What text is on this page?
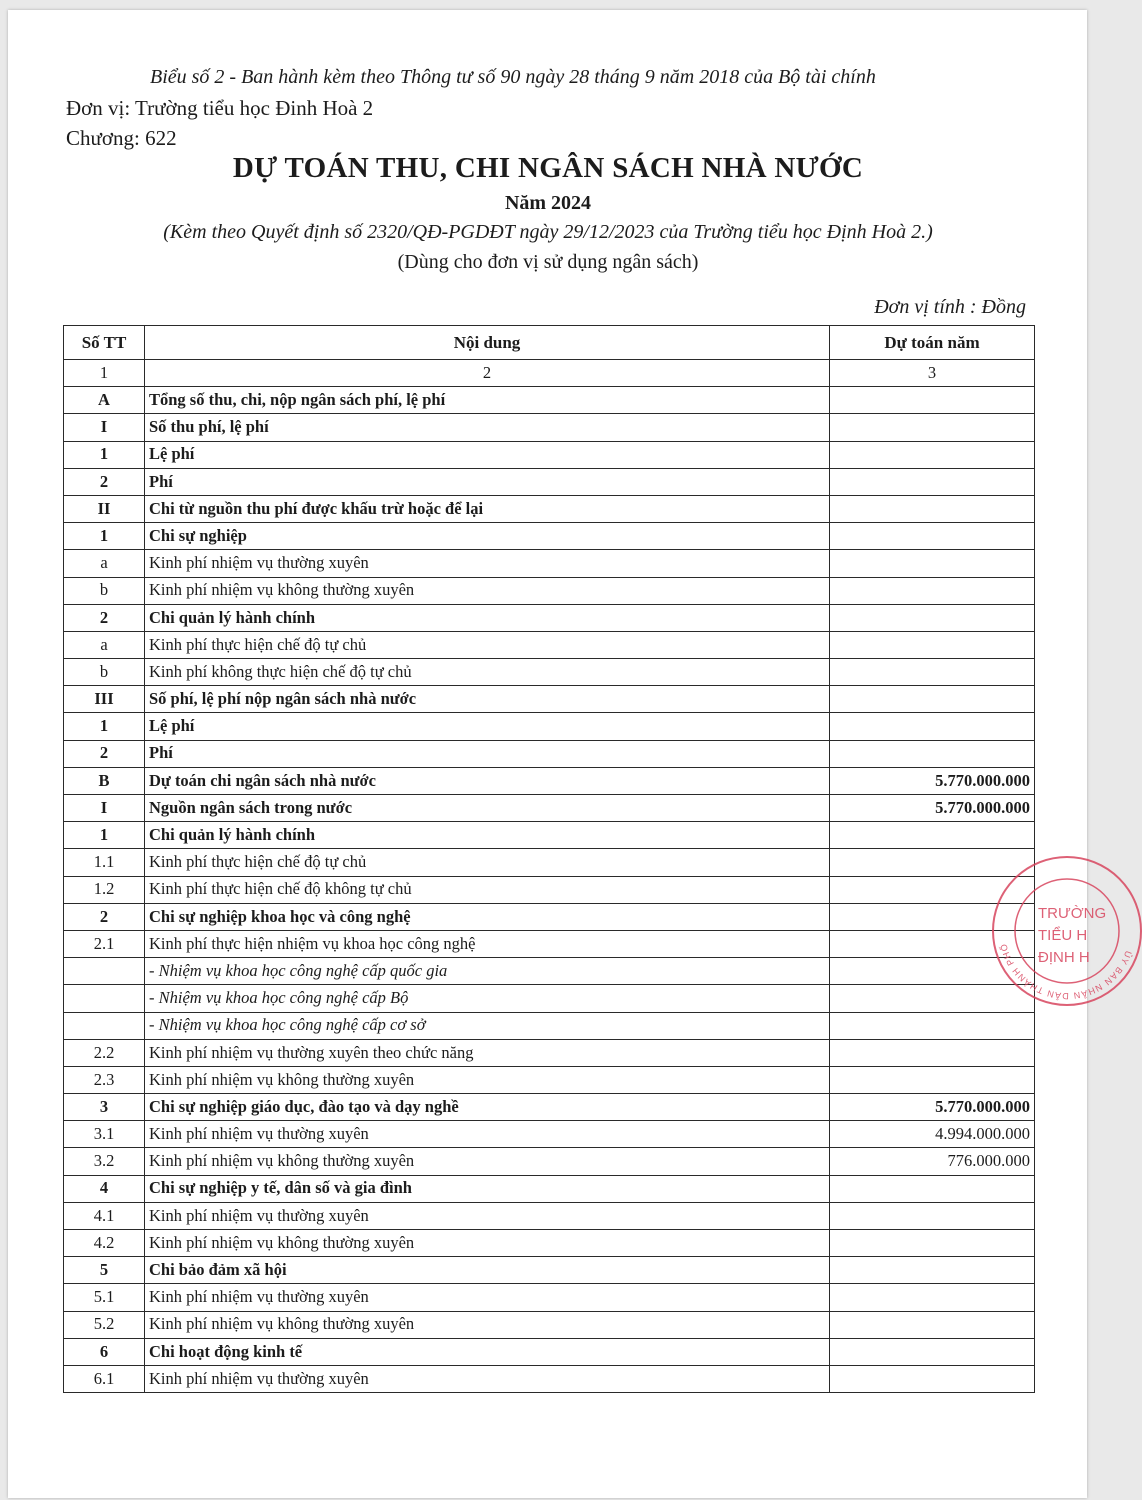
Biểu số 2 - Ban hành kèm theo Thông tư số 90 ngày 28 tháng 9 năm 2018 của Bộ tài chính
Đơn vị: Trường tiểu học Đinh Hoà 2
Chương: 622
DỰ TOÁN THU, CHI NGÂN SÁCH NHÀ NƯỚC
Năm 2024
(Kèm theo Quyết định số 2320/QĐ-PGDĐT ngày 29/12/2023 của Trường tiểu học Định Hoà 2.)
(Dùng cho đơn vị sử dụng ngân sách)
Đơn vị tính : Đồng
Số TT	Nội dung	Dự toán năm
1	2	3
A	Tổng số thu, chi, nộp ngân sách phí, lệ phí	
I	Số thu phí, lệ phí	
1	Lệ phí	
2	Phí	
II	Chi từ nguồn thu phí được khấu trừ hoặc để lại	
1	Chi sự nghiệp	
a	Kinh phí nhiệm vụ thường xuyên	
b	Kinh phí nhiệm vụ không thường xuyên	
2	Chi quản lý hành chính	
a	Kinh phí thực hiện chế độ tự chủ	
b	Kinh phí không thực hiện chế độ tự chủ	
III	Số phí, lệ phí nộp ngân sách nhà nước	
1	Lệ phí	
2	Phí	
B	Dự toán chi ngân sách nhà nước	5.770.000.000
I	Nguồn ngân sách trong nước	5.770.000.000
1	Chi quản lý hành chính	
1.1	Kinh phí thực hiện chế độ tự chủ	
1.2	Kinh phí thực hiện chế độ không tự chủ	
2	Chi sự nghiệp khoa học và công nghệ	
2.1	Kinh phí thực hiện nhiệm vụ khoa học công nghệ	
	- Nhiệm vụ khoa học công nghệ cấp quốc gia	
	- Nhiệm vụ khoa học công nghệ cấp Bộ	
	- Nhiệm vụ khoa học công nghệ cấp cơ sở	
2.2	Kinh phí nhiệm vụ thường xuyên theo chức năng	
2.3	Kinh phí nhiệm vụ không thường xuyên	
3	Chi sự nghiệp giáo dục, đào tạo và dạy nghề	5.770.000.000
3.1	Kinh phí nhiệm vụ thường xuyên	4.994.000.000
3.2	Kinh phí nhiệm vụ không thường xuyên	776.000.000
4	Chi sự nghiệp y tế, dân số và gia đình	
4.1	Kinh phí nhiệm vụ thường xuyên	
4.2	Kinh phí nhiệm vụ không thường xuyên	
5	Chi bảo đảm xã hội	
5.1	Kinh phí nhiệm vụ thường xuyên	
5.2	Kinh phí nhiệm vụ không thường xuyên	
6	Chi hoạt động kinh tế	
6.1	Kinh phí nhiệm vụ thường xuyên	
ỦY BAN NHÂN DÂN THÀNH PHỐ
TRƯỜNG
TIỂU H
ĐỊNH H
